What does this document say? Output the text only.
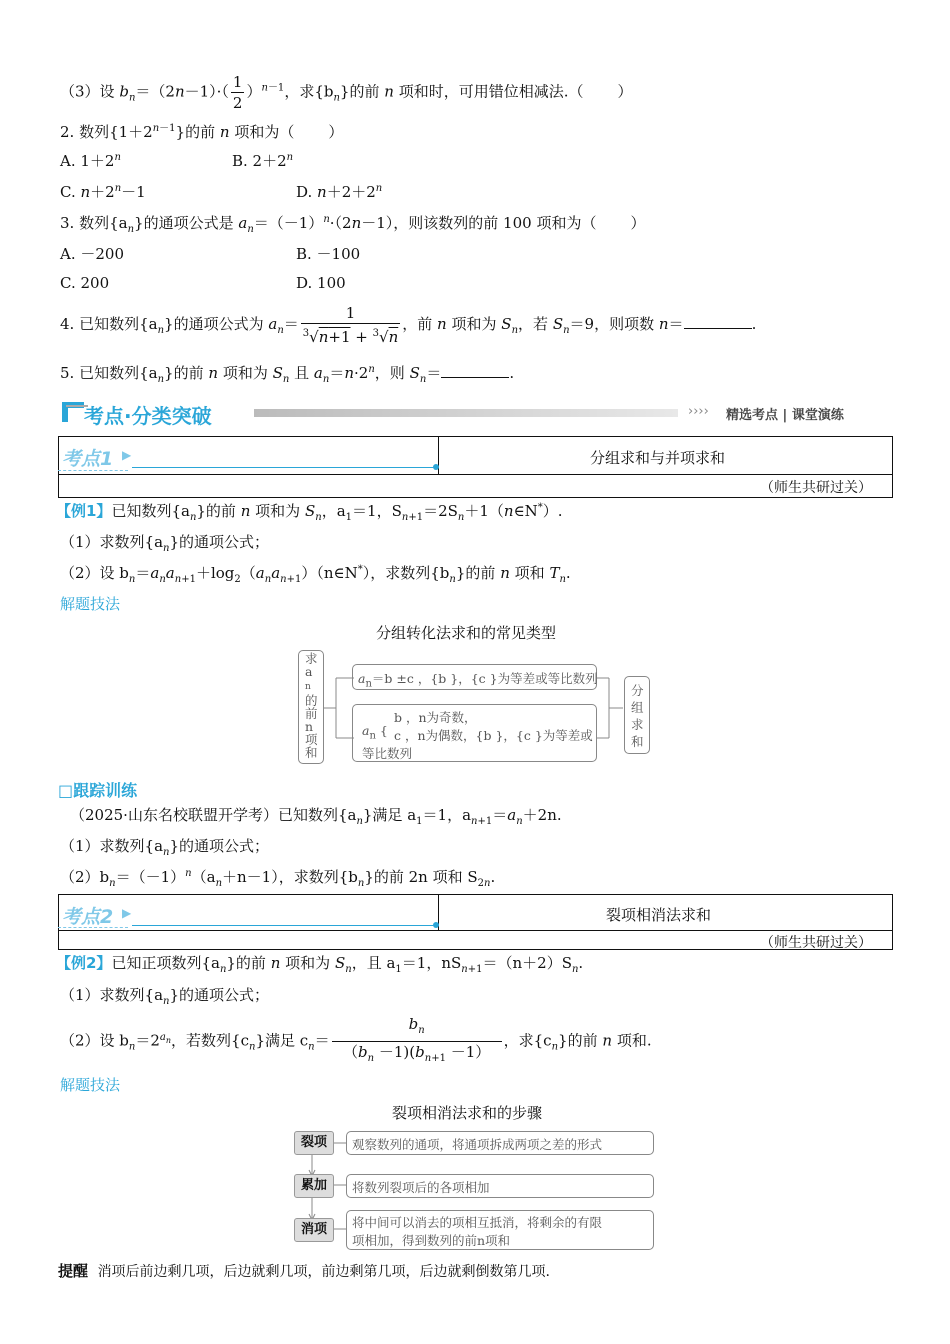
（3）设 $b_n=(2n-1)\cdot( \frac{1}{2} )^{n-1}$，求$\{b_n\}$的前 n 项和时，可用错位相减法.（ ）
2. 数列$\{1+2^{n-1}\}$的前 n 项和为（ ）
A. $1+2^n$	B. $2+2^n$
C. $n+2^n-1$	D. $n+2+2^n$
3. 数列$\{a_n\}$的通项公式是 $a_n=(-1)^n\cdot(2n-1)$，则该数列的前 100 项和为（ ）
A. －200	B. －100
C. 200	D. 100
4. 已知数列$\{a_n\}$的通项公式为 $a_n= \frac{1}{^3√n+1 + ^3√n}$ ，前 n 项和为 $S_n$，若 $S_n=9$，则项数 n＝	.
5. 已知数列$\{a_n\}$的前 n 项和为 $S_n$ 且 $a_n=n\cdot 2^n$，则 $S_n=$	.
考点·分类突破	›››› 精选考点 | 课堂演练
考点1 ▶	分组求和与并项求和
（师生共研过关）
【例1】已知数列$\{a_n\}$的前 n 项和为 $S_n$，$a_1=1$，$S_{n+1}=2S_n+1(n\in N^*)$.
（1）求数列$\{a_n\}$的通项公式；
（2）设 $b_n=a_na_{n+1}+\log_2(a_na_{n+1})(n\in N^*)$，求数列$\{b_n\}$的前 n 项和 $T_n$.
解题技法
分组转化法求和的常见类型
求
a
n
的
前
n
项
和
$a_n=b \pm c$ ，{b }，{c }为等差或等比数列
$a_n$ {
b ，n为奇数，
c ，n为偶数，{b }，{c }为等差或
等比数列
分
组
求
和
□跟踪训练
（2025·山东名校联盟开学考）已知数列$\{a_n\}$满足 $a_1=1$，$a_{n+1}=a_n+2n$.
（1）求数列$\{a_n\}$的通项公式；
$(2)b_n=(-1)^n(a_n+n-1)$，求数列$\{b_n\}$的前 2n 项和 $S_{2n}$.
考点2 ▶	裂项相消法求和
（师生共研过关）
【例2】已知正项数列$\{a_n\}$的前 n 项和为 $S_n$，且 $a_1=1$，$nS_{n+1}=(n+2)S_n$.
（1）求数列$\{a_n\}$的通项公式；
（2）设 $b_n=2^{a_n}$，若数列$\{c_n\}$满足 $c_n= \frac{b_n}{(b_n -1)(b_{n+1} -1)}$ ，求$\{c_n\}$的前 n 项和.
解题技法
裂项相消法求和的步骤
裂项	观察数列的通项，将通项拆成两项之差的形式
累加	将数列裂项后的各项相加
消项	将中间可以消去的项相互抵消，将剩余的有限
项相加，得到数列的前n项和
提醒 消项后前边剩几项，后边就剩几项，前边剩第几项，后边就剩倒数第几项.
